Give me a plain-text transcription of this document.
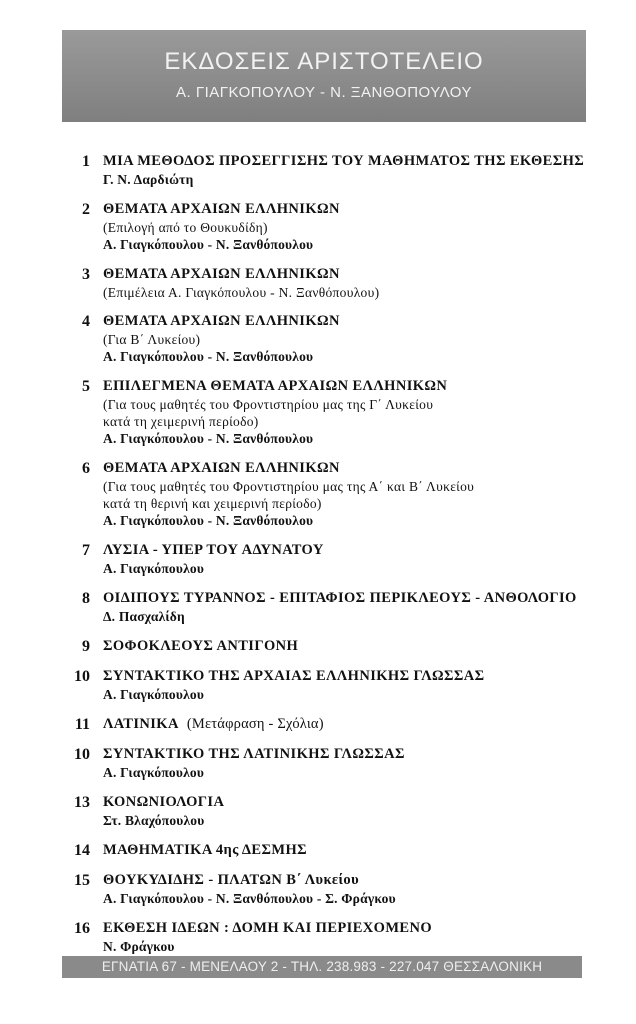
ΕΚΔΟΣΕΙΣ ΑΡΙΣΤΟΤΕΛΕΙΟ
Α. ΓΙΑΓΚΟΠΟΥΛΟΥ - Ν. ΞΑΝΘΟΠΟΥΛΟΥ
1 ΜΙΑ ΜΕΘΟΔΟΣ ΠΡΟΣΕΓΓΙΣΗΣ ΤΟΥ ΜΑΘΗΜΑΤΟΣ ΤΗΣ ΕΚΘΕΣΗΣ
Γ. Ν. Δαρδιώτη
2 ΘΕΜΑΤΑ ΑΡΧΑΙΩΝ ΕΛΛΗΝΙΚΩΝ
(Επιλογή από το Θουκυδίδη)
Α. Γιαγκόπουλου - Ν. Ξανθόπουλου
3 ΘΕΜΑΤΑ ΑΡΧΑΙΩΝ ΕΛΛΗΝΙΚΩΝ
(Επιμέλεια Α. Γιαγκόπουλου - Ν. Ξανθόπουλου)
4 ΘΕΜΑΤΑ ΑΡΧΑΙΩΝ ΕΛΛΗΝΙΚΩΝ
(Για Β΄ Λυκείου)
Α. Γιαγκόπουλου - Ν. Ξανθόπουλου
5 ΕΠΙΛΕΓΜΕΝΑ ΘΕΜΑΤΑ ΑΡΧΑΙΩΝ ΕΛΛΗΝΙΚΩΝ
(Για τους μαθητές του Φροντιστηρίου μας της Γ΄ Λυκείου
κατά τη χειμερινή περίοδο)
Α. Γιαγκόπουλου - Ν. Ξανθόπουλου
6 ΘΕΜΑΤΑ ΑΡΧΑΙΩΝ ΕΛΛΗΝΙΚΩΝ
(Για τους μαθητές του Φροντιστηρίου μας της Α΄ και Β΄ Λυκείου
κατά τη θερινή και χειμερινή περίοδο)
Α. Γιαγκόπουλου - Ν. Ξανθόπουλου
7 ΛΥΣΙΑ - ΥΠΕΡ ΤΟΥ ΑΔΥΝΑΤΟΥ
Α. Γιαγκόπουλου
8 ΟΙΔΙΠΟΥΣ ΤΥΡΑΝΝΟΣ - ΕΠΙΤΑΦΙΟΣ ΠΕΡΙΚΛΕΟΥΣ - ΑΝΘΟΛΟΓΙΟ
Δ. Πασχαλίδη
9 ΣΟΦΟΚΛΕΟΥΣ ΑΝΤΙΓΟΝΗ
10 ΣΥΝΤΑΚΤΙΚΟ ΤΗΣ ΑΡΧΑΙΑΣ ΕΛΛΗΝΙΚΗΣ ΓΛΩΣΣΑΣ
Α. Γιαγκόπουλου
11 ΛΑΤΙΝΙΚΑ (Μετάφραση - Σχόλια)
10 ΣΥΝΤΑΚΤΙΚΟ ΤΗΣ ΛΑΤΙΝΙΚΗΣ ΓΛΩΣΣΑΣ
Α. Γιαγκόπουλου
13 ΚΟΝΩΝΙΟΛΟΓΙΑ
Στ. Βλαχόπουλου
14 ΜΑΘΗΜΑΤΙΚΑ 4ης ΔΕΣΜΗΣ
15 ΘΟΥΚΥΔΙΔΗΣ - ΠΛΑΤΩΝ Β΄ Λυκείου
Α. Γιαγκόπουλου - Ν. Ξανθόπουλου - Σ. Φράγκου
16 ΕΚΘΕΣΗ ΙΔΕΩΝ : ΔΟΜΗ ΚΑΙ ΠΕΡΙΕΧΟΜΕΝΟ
Ν. Φράγκου
ΕΓΝΑΤΙΑ 67 - ΜΕΝΕΛΑΟΥ 2 - ΤΗΛ. 238.983 - 227.047 ΘΕΣΣΑΛΟΝΙΚΗ
